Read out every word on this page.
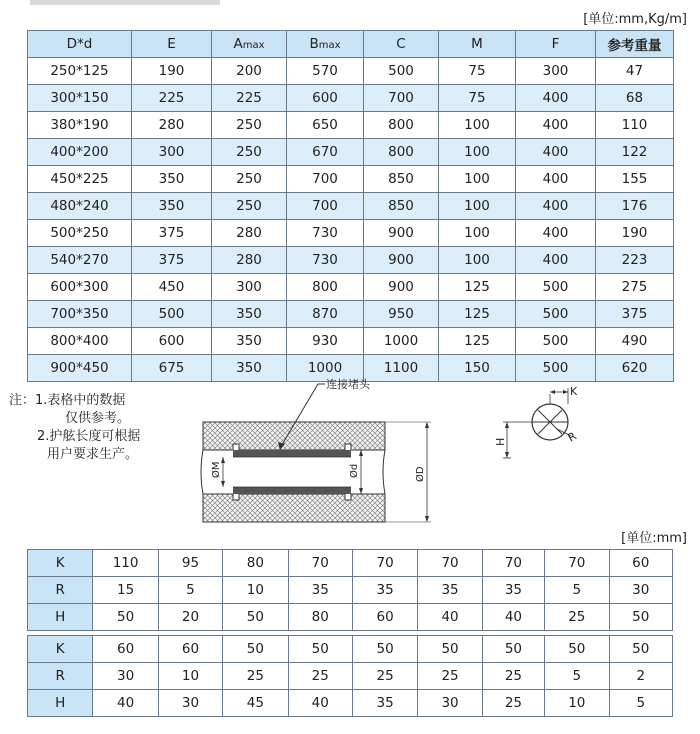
[单位:mm,Kg/m]
D*d	E	Amax	Bmax	C	M	F	参考重量
250*125	190	200	570	500	75	300	47
300*150	225	225	600	700	75	400	68
380*190	280	250	650	800	100	400	110
400*200	300	250	670	800	100	400	122
450*225	350	250	700	850	100	400	155
480*240	350	250	700	850	100	400	176
500*250	375	280	730	900	100	400	190
540*270	375	280	730	900	100	400	223
600*300	450	300	800	900	125	500	275
700*350	500	350	870	950	125	500	375
800*400	600	350	930	1000	125	500	490
900*450	675	350	1000	1100	150	500	620
注：1.表格中的数据
仅供参考。
2.护舷长度可根据
用户要求生产。
连接堵头
ØM	Ød	ØD
K
R
H
[单位:mm]
K	110	95	80	70	70	70	70	70	60
R	15	5	10	35	35	35	35	5	30
H	50	20	50	80	60	40	40	25	50

K	60	60	50	50	50	50	50	50	50
R	30	10	25	25	25	25	25	5	2
H	40	30	45	40	35	30	25	10	5
